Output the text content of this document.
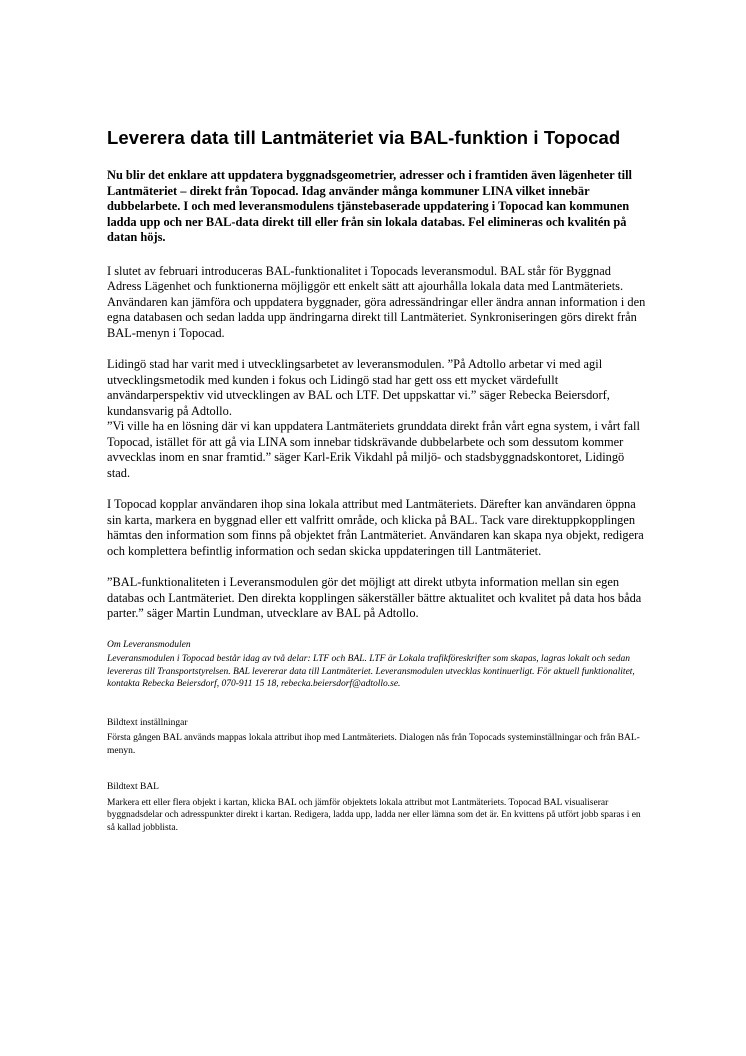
Leverera data till Lantmäteriet via BAL-funktion i Topocad

Nu blir det enklare att uppdatera byggnadsgeometrier, adresser och i framtiden även lägenheter till Lantmäteriet – direkt från Topocad. Idag använder många kommuner LINA vilket innebär dubbelarbete. I och med leveransmodulens tjänstebaserade uppdatering i Topocad kan kommunen ladda upp och ner BAL-data direkt till eller från sin lokala databas. Fel elimineras och kvalitén på datan höjs.

I slutet av februari introduceras BAL-funktionalitet i Topocads leveransmodul. BAL står för Byggnad Adress Lägenhet och funktionerna möjliggör ett enkelt sätt att ajourhålla lokala data med Lantmäteriets. Användaren kan jämföra och uppdatera byggnader, göra adressändringar eller ändra annan information i den egna databasen och sedan ladda upp ändringarna direkt till Lantmäteriet. Synkroniseringen görs direkt från BAL-menyn i Topocad.

Lidingö stad har varit med i utvecklingsarbetet av leveransmodulen. ”På Adtollo arbetar vi med agil utvecklingsmetodik med kunden i fokus och Lidingö stad har gett oss ett mycket värdefullt användarperspektiv vid utvecklingen av BAL och LTF. Det uppskattar vi.” säger Rebecka Beiersdorf, kundansvarig på Adtollo.

”Vi ville ha en lösning där vi kan uppdatera Lantmäteriets grunddata direkt från vårt egna system, i vårt fall Topocad, istället för att gå via LINA som innebar tidskrävande dubbelarbete och som dessutom kommer avvecklas inom en snar framtid.” säger Karl-Erik Vikdahl på miljö- och stadsbyggnadskontoret, Lidingö stad.

I Topocad kopplar användaren ihop sina lokala attribut med Lantmäteriets. Därefter kan användaren öppna sin karta, markera en byggnad eller ett valfritt område, och klicka på BAL. Tack vare direktuppkopplingen hämtas den information som finns på objektet från Lantmäteriet. Användaren kan skapa nya objekt, redigera och komplettera befintlig information och sedan skicka uppdateringen till Lantmäteriet.

”BAL-funktionaliteten i Leveransmodulen gör det möjligt att direkt utbyta information mellan sin egen databas och Lantmäteriet. Den direkta kopplingen säkerställer bättre aktualitet och kvalitet på data hos båda parter.” säger Martin Lundman, utvecklare av BAL på Adtollo.

Om Leveransmodulen

Leveransmodulen i Topocad består idag av två delar: LTF och BAL. LTF är Lokala trafikföreskrifter som skapas, lagras lokalt och sedan levereras till Transportstyrelsen. BAL levererar data till Lantmäteriet. Leveransmodulen utvecklas kontinuerligt. För aktuell funktionalitet, kontakta Rebecka Beiersdorf, 070-911 15 18, rebecka.beiersdorf@adtollo.se.

Bildtext inställningar

Första gången BAL används mappas lokala attribut ihop med Lantmäteriets. Dialogen nås från Topocads systeminställningar och från BAL-menyn.

Bildtext BAL

Markera ett eller flera objekt i kartan, klicka BAL och jämför objektets lokala attribut mot Lantmäteriets. Topocad BAL visualiserar byggnadsdelar och adresspunkter direkt i kartan. Redigera, ladda upp, ladda ner eller lämna som det är. En kvittens på utfört jobb sparas i en så kallad jobblista.
